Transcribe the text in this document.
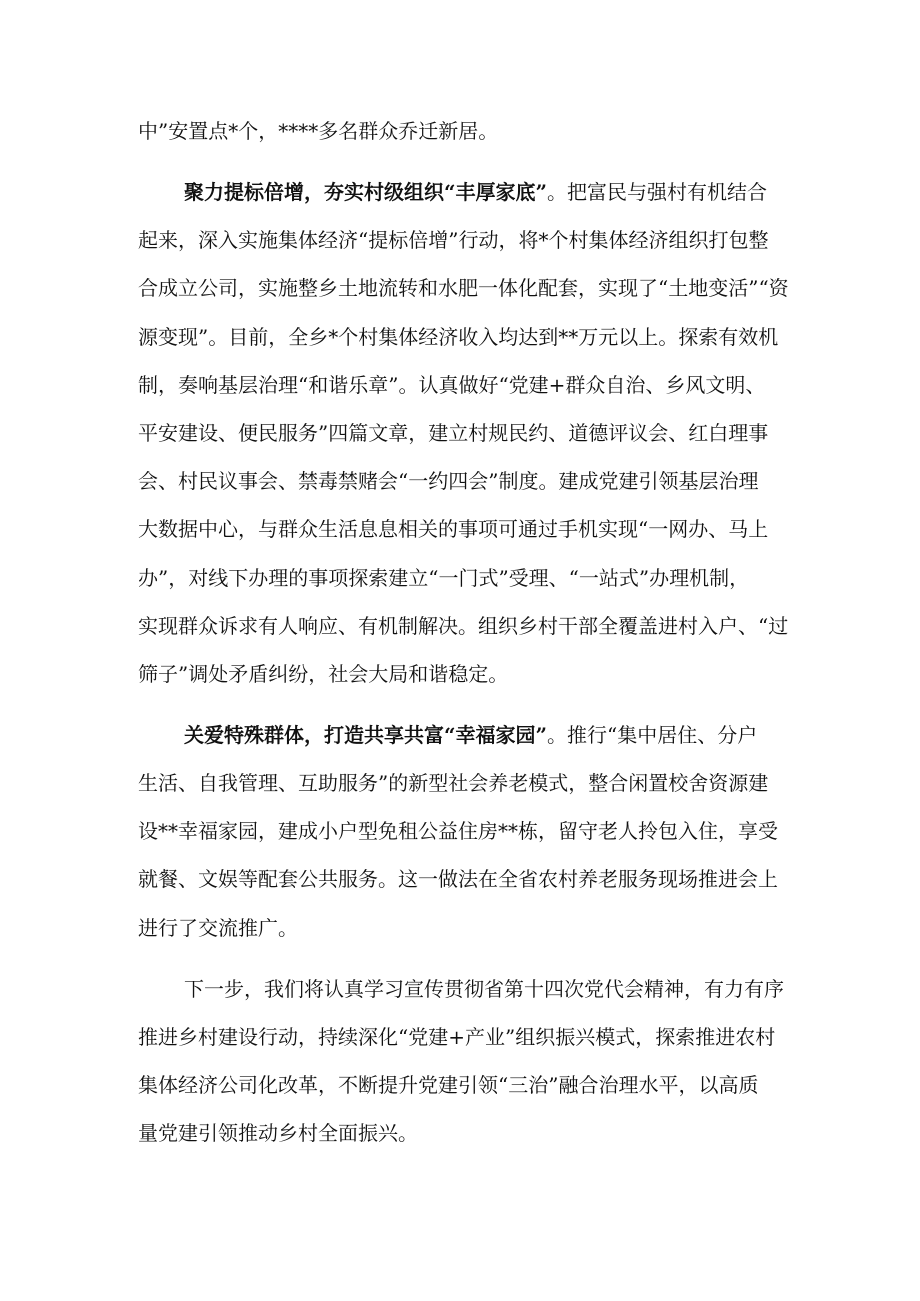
中”安置点*个，****多名群众乔迁新居。
聚力提标倍增，夯实村级组织“丰厚家底”。把富民与强村有机结合
起来，深入实施集体经济“提标倍增”行动，将*个村集体经济组织打包整
合成立公司，实施整乡土地流转和水肥一体化配套，实现了“土地变活”“资
源变现”。目前，全乡*个村集体经济收入均达到**万元以上。探索有效机
制，奏响基层治理“和谐乐章”。认真做好“党建+群众自治、乡风文明、
平安建设、便民服务”四篇文章，建立村规民约、道德评议会、红白理事
会、村民议事会、禁毒禁赌会“一约四会”制度。建成党建引领基层治理
大数据中心，与群众生活息息相关的事项可通过手机实现“一网办、马上
办”，对线下办理的事项探索建立“一门式”受理、“一站式”办理机制，
实现群众诉求有人响应、有机制解决。组织乡村干部全覆盖进村入户、“过
筛子”调处矛盾纠纷，社会大局和谐稳定。
关爱特殊群体，打造共享共富“幸福家园”。推行“集中居住、分户
生活、自我管理、互助服务”的新型社会养老模式，整合闲置校舍资源建
设**幸福家园，建成小户型免租公益住房**栋，留守老人拎包入住，享受
就餐、文娱等配套公共服务。这一做法在全省农村养老服务现场推进会上
进行了交流推广。
下一步，我们将认真学习宣传贯彻省第十四次党代会精神，有力有序
推进乡村建设行动，持续深化“党建+产业”组织振兴模式，探索推进农村
集体经济公司化改革，不断提升党建引领“三治”融合治理水平，以高质
量党建引领推动乡村全面振兴。
